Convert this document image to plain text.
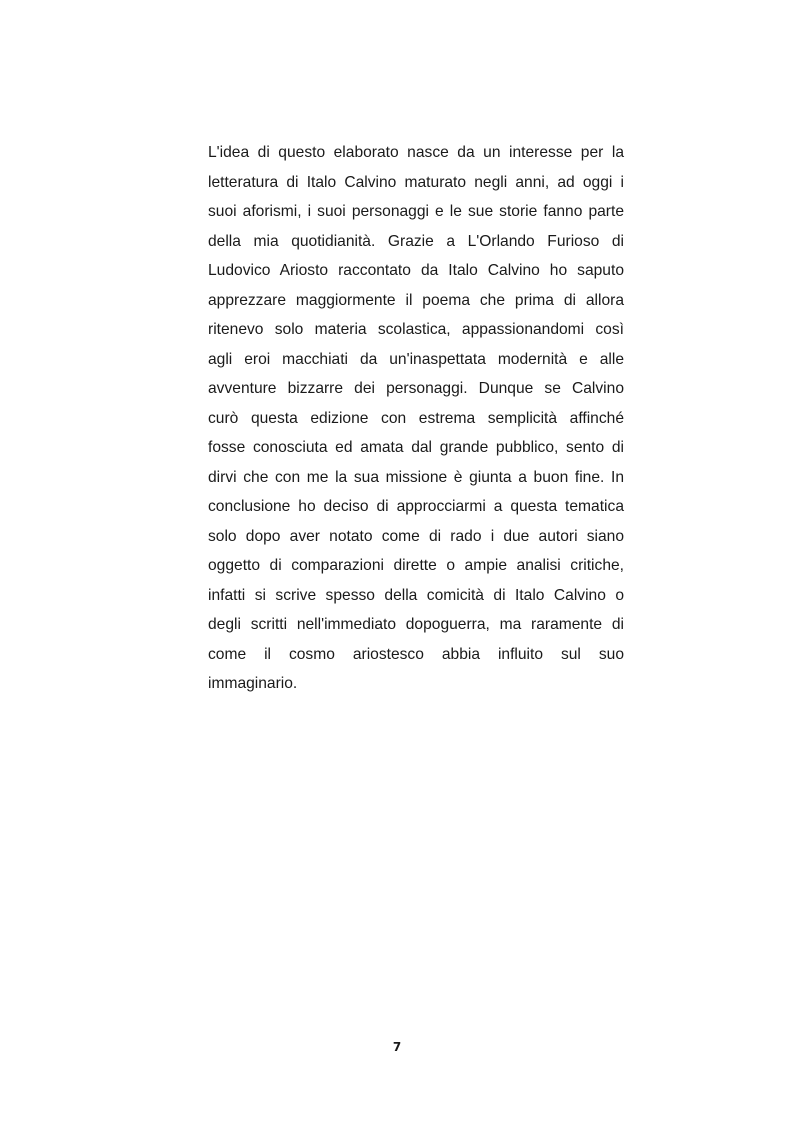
L'idea di questo elaborato nasce da un interesse per la
letteratura di Italo Calvino maturato negli anni, ad oggi i
suoi aforismi, i suoi personaggi e le sue storie fanno parte
della mia quotidianità. Grazie a L'Orlando Furioso di
Ludovico Ariosto raccontato da Italo Calvino ho saputo
apprezzare maggiormente il poema che prima di allora
ritenevo solo materia scolastica, appassionandomi così
agli eroi macchiati da un'inaspettata modernità e alle
avventure bizzarre dei personaggi. Dunque se Calvino
curò questa edizione con estrema semplicità affinché
fosse conosciuta ed amata dal grande pubblico, sento di
dirvi che con me la sua missione è giunta a buon fine. In
conclusione ho deciso di approcciarmi a questa tematica
solo dopo aver notato come di rado i due autori siano
oggetto di comparazioni dirette o ampie analisi critiche,
infatti si scrive spesso della comicità di Italo Calvino o
degli scritti nell'immediato dopoguerra, ma raramente di
come il cosmo ariostesco abbia influito sul suo
immaginario.
7
